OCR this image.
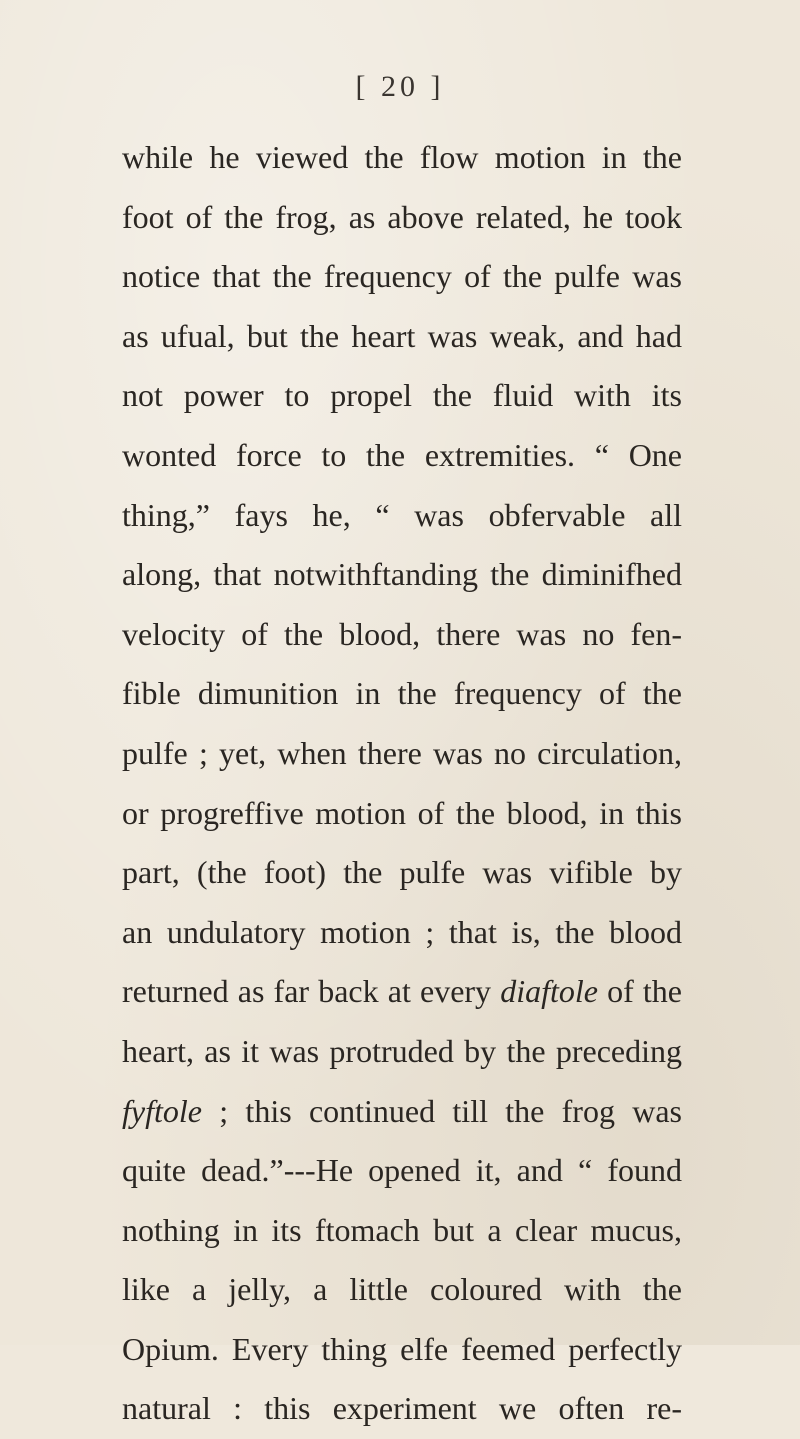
[ 20 ]
while he viewed the flow motion in the
foot of the frog, as above related, he took
notice that the frequency of the pulfe was
as ufual, but the heart was weak, and had
not power to propel the fluid with its
wonted force to the extremities. “ One
thing,” fays he, “ was obfervable all
along, that notwithftanding the diminifhed
velocity of the blood, there was no fen-
fible dimunition in the frequency of the
pulfe ; yet, when there was no circulation,
or progreffive motion of the blood, in this
part, (the foot) the pulfe was vifible by
an undulatory motion ; that is, the blood
returned as far back at every diaftole of the
heart, as it was protruded by the preceding
fyftole ; this continued till the frog was
quite dead.”---He opened it, and “ found
nothing in its ftomach but a clear mucus,
like a jelly, a little coloured with the
Opium. Every thing elfe feemed perfectly
natural : this experiment we often re-
